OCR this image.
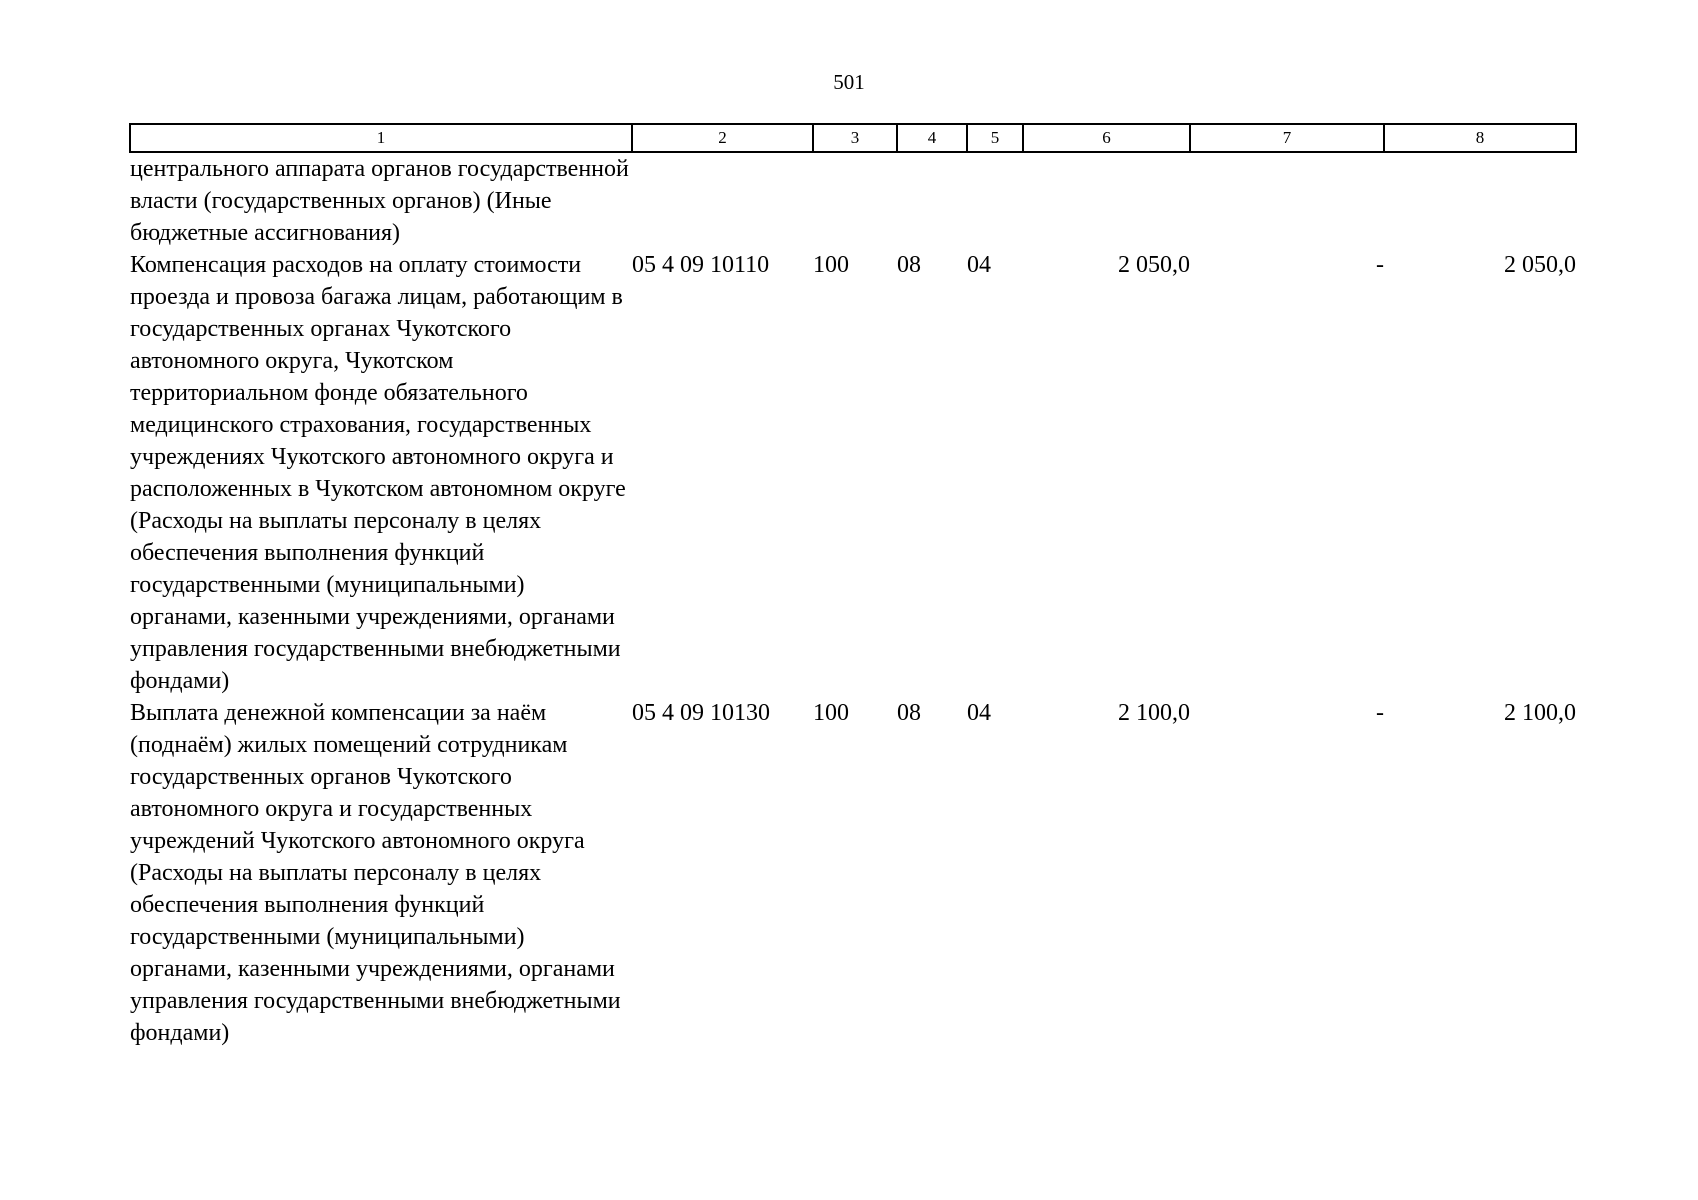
501
1	2	3	4	5	6	7	8
центрального аппарата органов государственной власти (государственных органов) (Иные бюджетные ассигнования)							
Компенсация расходов на оплату стоимости проезда и провоза багажа лицам, работающим в государственных органах Чукотского автономного округа, Чукотском территориальном фонде обязательного медицинского страхования, государственных учреждениях Чукотского автономного округа и расположенных в Чукотском автономном округе (Расходы на выплаты персоналу в целях обеспечения выполнения функций государственными (муниципальными) органами, казенными учреждениями, органами управления государственными внебюджетными фондами)	05 4 09 10110	100	08	04	2 050,0	-	2 050,0
Выплата денежной компенсации за наём (поднаём) жилых помещений сотрудникам государственных органов Чукотского автономного округа и государственных учреждений Чукотского автономного округа (Расходы на выплаты персоналу в целях обеспечения выполнения функций государственными (муниципальными) органами, казенными учреждениями, органами управления государственными внебюджетными фондами)	05 4 09 10130	100	08	04	2 100,0	-	2 100,0
